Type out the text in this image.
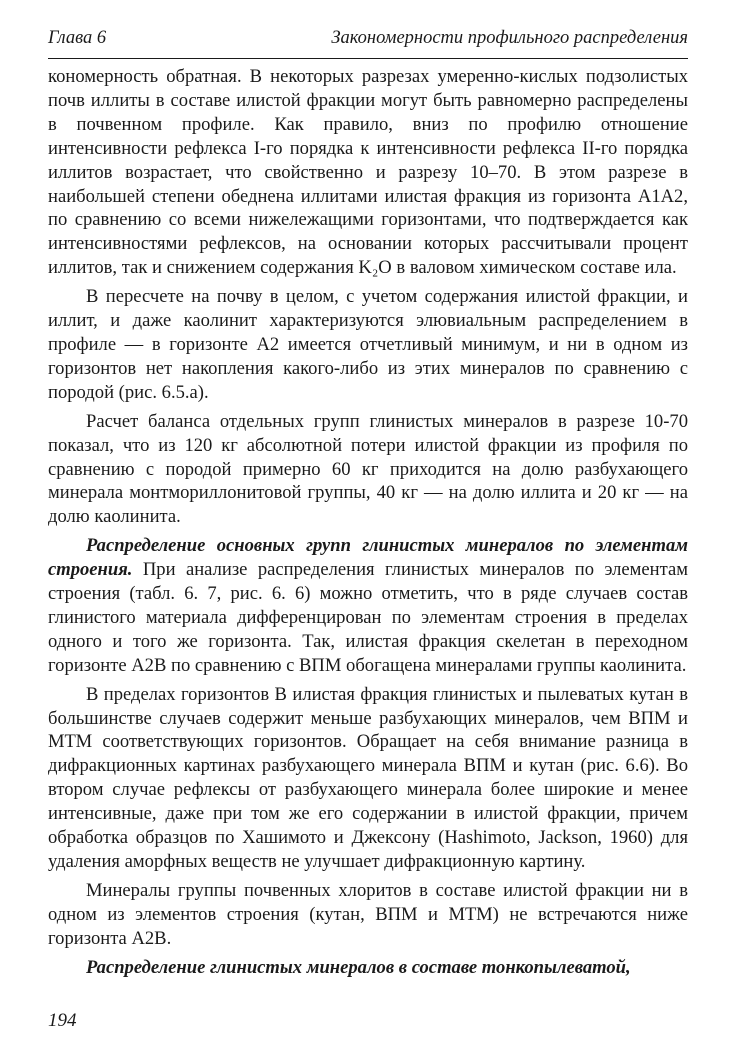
Глава 6	Закономерности профильного распределения

кономерность обратная. В некоторых разрезах умеренно-кислых подзолистых почв иллиты в составе илистой фракции могут быть равномерно распределены в почвенном профиле. Как правило, вниз по профилю отношение интенсивности рефлекса I-го порядка к интенсивности рефлекса II-го порядка иллитов возрастает, что свойственно и разрезу 10–70. В этом разрезе в наибольшей степени обеднена иллитами илистая фракция из горизонта А1А2, по сравнению со всеми нижележащими горизонтами, что подтверждается как интенсивностями рефлексов, на основании которых рассчитывали процент иллитов, так и снижением содержания K₂O в валовом химическом составе ила.

В пересчете на почву в целом, с учетом содержания илистой фракции, и иллит, и даже каолинит характеризуются элювиальным распределением в профиле — в горизонте А2 имеется отчетливый минимум, и ни в одном из горизонтов нет накопления какого-либо из этих минералов по сравнению с породой (рис. 6.5.а).

Расчет баланса отдельных групп глинистых минералов в разрезе 10-70 показал, что из 120 кг абсолютной потери илистой фракции из профиля по сравнению с породой примерно 60 кг приходится на долю разбухающего минерала монтмориллонитовой группы, 40 кг — на долю иллита и 20 кг — на долю каолинита.

Распределение основных групп глинистых минералов по элементам строения. При анализе распределения глинистых минералов по элементам строения (табл. 6. 7, рис. 6. 6) можно отметить, что в ряде случаев состав глинистого материала дифференцирован по элементам строения в пределах одного и того же горизонта. Так, илистая фракция скелетан в переходном горизонте А2В по сравнению с ВПМ обогащена минералами группы каолинита.

В пределах горизонтов В илистая фракция глинистых и пылеватых кутан в большинстве случаев содержит меньше разбухающих минералов, чем ВПМ и МТМ соответствующих горизонтов. Обращает на себя внимание разница в дифракционных картинах разбухающего минерала ВПМ и кутан (рис. 6.6). Во втором случае рефлексы от разбухающего минерала более широкие и менее интенсивные, даже при том же его содержании в илистой фракции, причем обработка образцов по Хашимото и Джексону (Hashimoto, Jackson, 1960) для удаления аморфных веществ не улучшает дифракционную картину.

Минералы группы почвенных хлоритов в составе илистой фракции ни в одном из элементов строения (кутан, ВПМ и МТМ) не встречаются ниже горизонта А2В.

Распределение глинистых минералов в составе тонкопылеватой,

194
